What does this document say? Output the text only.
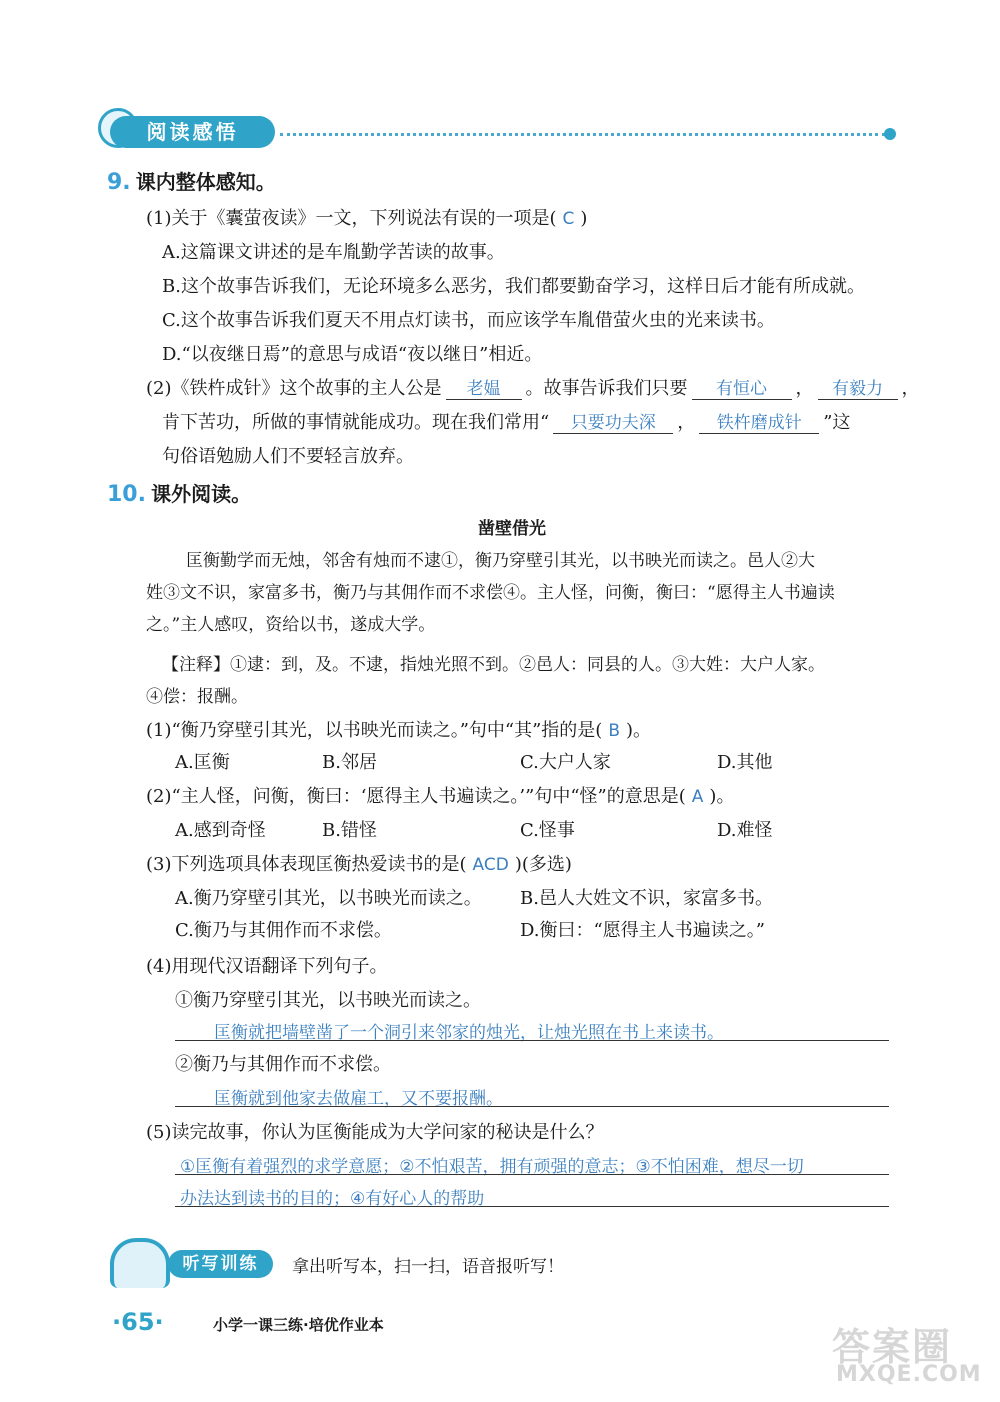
阅读感悟
9. 课内整体感知。
(1)关于《囊萤夜读》一文，下列说法有误的一项是( C )
A.这篇课文讲述的是车胤勤学苦读的故事。
B.这个故事告诉我们，无论环境多么恶劣，我们都要勤奋学习，这样日后才能有所成就。
C.这个故事告诉我们夏天不用点灯读书，而应该学车胤借萤火虫的光来读书。
D.“以夜继日焉”的意思与成语“夜以继日”相近。
(2)《铁杵成针》这个故事的主人公是 老媪 。故事告诉我们只要 有恒心 ， 有毅力 ，
肯下苦功，所做的事情就能成功。现在我们常用“ 只要功夫深 ， 铁杵磨成针 ”这
句俗语勉励人们不要轻言放弃。
10. 课外阅读。
凿壁借光
匡衡勤学而无烛，邻舍有烛而不逮①，衡乃穿壁引其光，以书映光而读之。邑人②大
姓③文不识，家富多书，衡乃与其佣作而不求偿④。主人怪，问衡，衡曰：“愿得主人书遍读
之。”主人感叹，资给以书，遂成大学。
【注释】①逮：到，及。不逮，指烛光照不到。②邑人：同县的人。③大姓：大户人家。
④偿：报酬。
(1)“衡乃穿壁引其光，以书映光而读之。”句中“其”指的是( B )。
A.匡衡	B.邻居	C.大户人家	D.其他
(2)“主人怪，问衡，衡曰：‘愿得主人书遍读之。’”句中“怪”的意思是( A )。
A.感到奇怪	B.错怪	C.怪事	D.难怪
(3)下列选项具体表现匡衡热爱读书的是( ACD )(多选)
A.衡乃穿壁引其光，以书映光而读之。 B.邑人大姓文不识，家富多书。
C.衡乃与其佣作而不求偿。	D.衡曰：“愿得主人书遍读之。”
(4)用现代汉语翻译下列句子。
①衡乃穿壁引其光，以书映光而读之。
匡衡就把墙壁凿了一个洞引来邻家的烛光，让烛光照在书上来读书。
②衡乃与其佣作而不求偿。
匡衡就到他家去做雇工，又不要报酬。
(5)读完故事，你认为匡衡能成为大学问家的秘诀是什么？
①匡衡有着强烈的求学意愿；②不怕艰苦，拥有顽强的意志；③不怕困难，想尽一切
办法达到读书的目的；④有好心人的帮助
听写训练	拿出听写本，扫一扫，语音报听写！
·65·	小学一课三练·培优作业本	答案圈
MXQE.COM
